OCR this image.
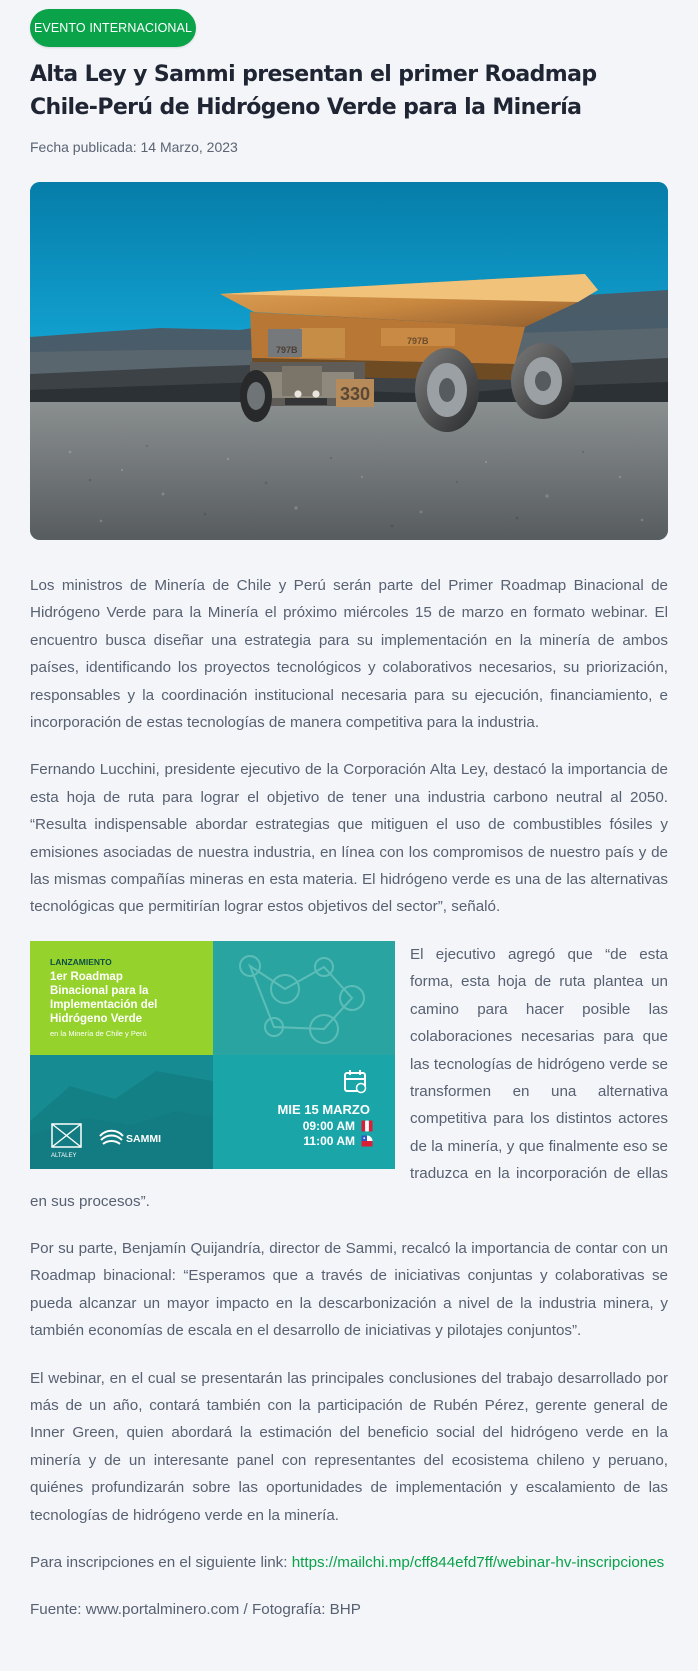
EVENTO INTERNACIONAL
Alta Ley y Sammi presentan el primer Roadmap Chile-Perú de Hidrógeno Verde para la Minería
Fecha publicada: 14 Marzo, 2023
330
797B
797B

Los ministros de Minería de Chile y Perú serán parte del Primer Roadmap Binacional de Hidrógeno Verde para la Minería el próximo miércoles 15 de marzo en formato webinar. El encuentro busca diseñar una estrategia para su implementación en la minería de ambos países, identificando los proyectos tecnológicos y colaborativos necesarios, su priorización, responsables y la coordinación institucional necesaria para su ejecución, financiamiento, e incorporación de estas tecnologías de manera competitiva para la industria.

Fernando Lucchini, presidente ejecutivo de la Corporación Alta Ley, destacó la importancia de esta hoja de ruta para lograr el objetivo de tener una industria carbono neutral al 2050. “Resulta indispensable abordar estrategias que mitiguen el uso de combustibles fósiles y emisiones asociadas de nuestra industria, en línea con los compromisos de nuestro país y de las mismas compañías mineras en esta materia. El hidrógeno verde es una de las alternativas tecnológicas que permitirían lograr estos objetivos del sector”, señaló.

LANZAMIENTO
1er Roadmap
Binacional para la
Implementación del
Hidrógeno Verde
en la Minería de Chile y Perú
MIE 15 MARZO
09:00 AM
11:00 AM
ALTALEY
SAMMI

El ejecutivo agregó que “de esta forma, esta hoja de ruta plantea un camino para hacer posible las colaboraciones necesarias para que las tecnologías de hidrógeno verde se transformen en una alternativa competitiva para los distintos actores de la minería, y que finalmente eso se traduzca en la incorporación de ellas en sus procesos”.

Por su parte, Benjamín Quijandría, director de Sammi, recalcó la importancia de contar con un Roadmap binacional: “Esperamos que a través de iniciativas conjuntas y colaborativas se pueda alcanzar un mayor impacto en la descarbonización a nivel de la industria minera, y también economías de escala en el desarrollo de iniciativas y pilotajes conjuntos”.

El webinar, en el cual se presentarán las principales conclusiones del trabajo desarrollado por más de un año, contará también con la participación de Rubén Pérez, gerente general de Inner Green, quien abordará la estimación del beneficio social del hidrógeno verde en la minería y de un interesante panel con representantes del ecosistema chileno y peruano, quiénes profundizarán sobre las oportunidades de implementación y escalamiento de las tecnologías de hidrógeno verde en la minería.

Para inscripciones en el siguiente link: https://mailchi.mp/cff844efd7ff/webinar-hv-inscripciones

Fuente: www.portalminero.com / Fotografía: BHP
